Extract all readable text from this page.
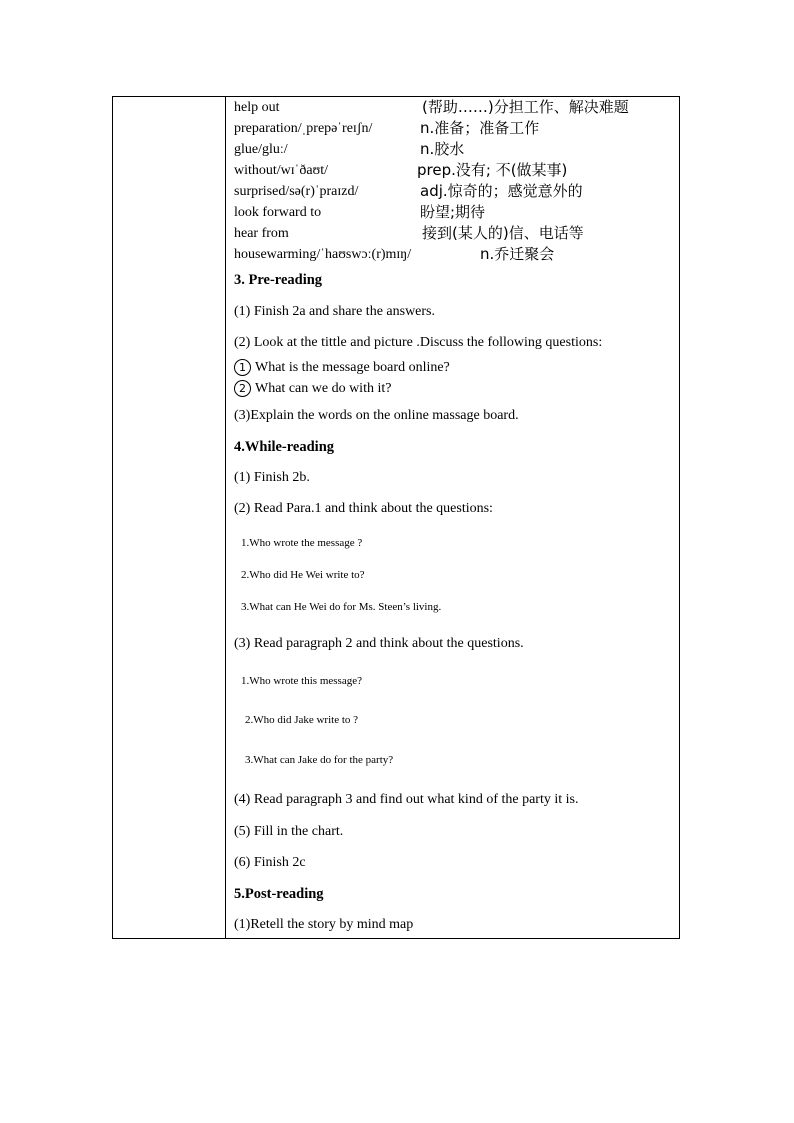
help out	(帮助……)分担工作、解决难题
preparation/ˌprepəˈreɪʃn/	n.准备；准备工作
glue/gluː/	n.胶水
without/wɪˈðaʊt/	prep.没有; 不(做某事)
surprised/sə(r)ˈpraɪzd/	adj.惊奇的；感觉意外的
look forward to	盼望;期待
hear from	接到(某人的)信、电话等
housewarming/ˈhaʊswɔː(r)mɪŋ/	n.乔迁聚会
3. Pre-reading
(1) Finish 2a and share the answers.
(2) Look at the tittle and picture .Discuss the following questions:
1 What is the message board online?
2 What can we do with it?
(3)Explain the words on the online massage board.
4.While-reading
(1) Finish 2b.
(2) Read Para.1 and think about the questions:
1.Who wrote the message ?
2.Who did He Wei write to?
3.What can He Wei do for Ms. Steen’s living.
(3) Read paragraph 2 and think about the questions.
1.Who wrote this message?
2.Who did Jake write to ?
3.What can Jake do for the party?
(4) Read paragraph 3 and find out what kind of the party it is.
(5) Fill in the chart.
(6) Finish 2c
5.Post-reading
(1)Retell the story by mind map
